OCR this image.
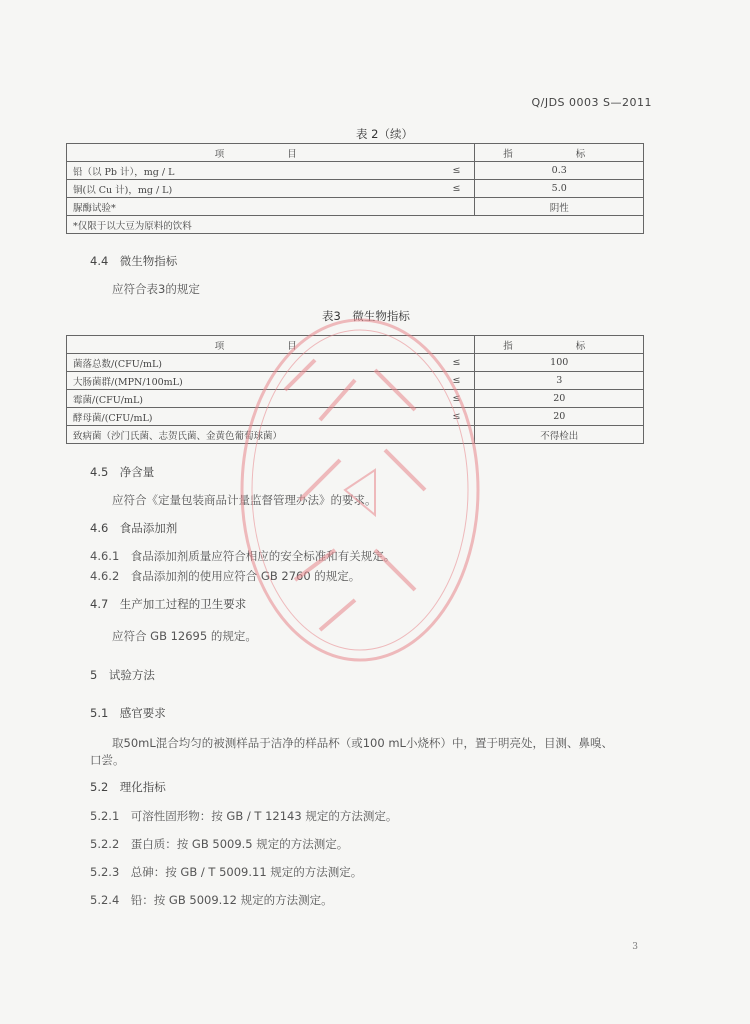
Q/JDS 0003 S—2011
表 2（续）
项 目		指 标
铅（以 Pb 计），mg / L	≤	0.3
铜(以 Cu 计)，mg / L)	≤	5.0
脲酶试验*		阴性
*仅限于以大豆为原料的饮料		
4.4　微生物指标
应符合表3的规定
表3　微生物指标
项 目		指 标
菌落总数/(CFU/mL)	≤	100
大肠菌群/(MPN/100mL)	≤	3
霉菌/(CFU/mL)	≤	20
酵母菌/(CFU/mL)	≤	20
致病菌（沙门氏菌、志贺氏菌、金黄色葡萄球菌）		不得检出
4.5　净含量
应符合《定量包装商品计量监督管理办法》的要求。
4.6　食品添加剂
4.6.1　食品添加剂质量应符合相应的安全标准和有关规定。
4.6.2　食品添加剂的使用应符合 GB 2760 的规定。
4.7　生产加工过程的卫生要求
应符合 GB 12695 的规定。
5　试验方法
5.1　感官要求
取50mL混合均匀的被测样品于洁净的样品杯（或100 mL小烧杯）中，置于明亮处，目测、鼻嗅、
口尝。
5.2　理化指标
5.2.1　可溶性固形物：按 GB / T 12143 规定的方法测定。
5.2.2　蛋白质：按 GB 5009.5 规定的方法测定。
5.2.3　总砷：按 GB / T 5009.11 规定的方法测定。
5.2.4　铅：按 GB 5009.12 规定的方法测定。
3
